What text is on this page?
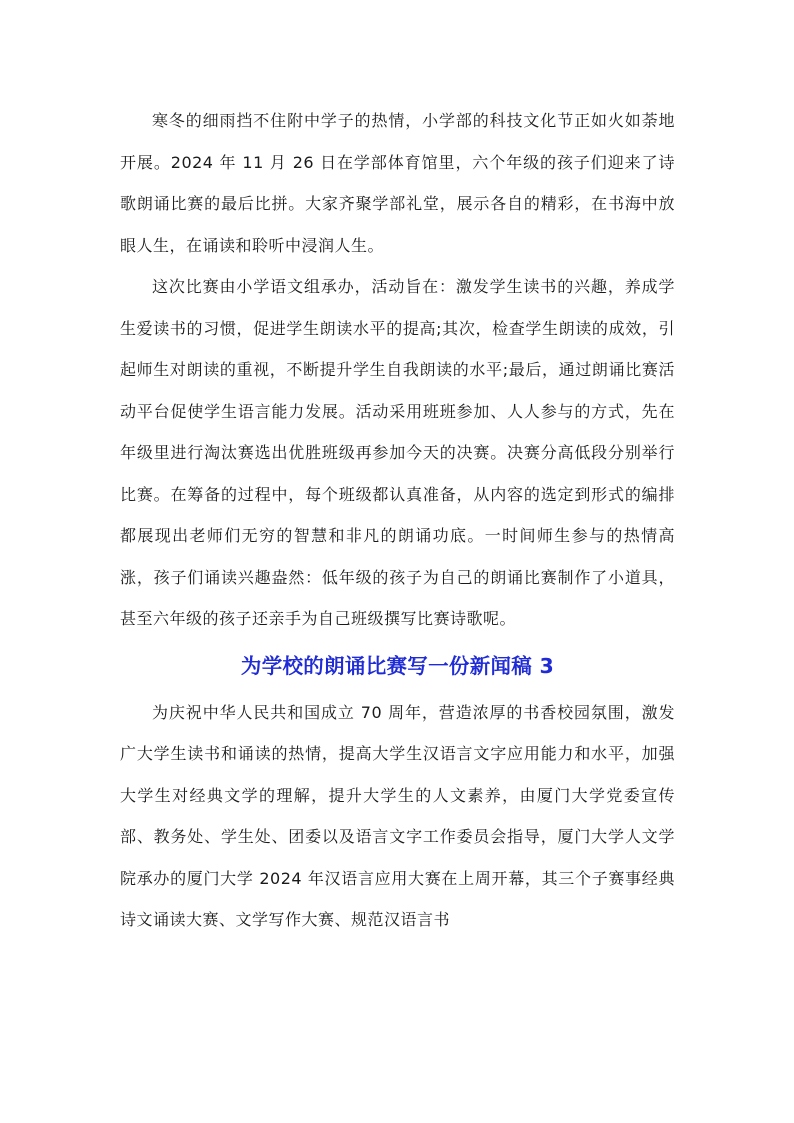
寒冬的细雨挡不住附中学子的热情，小学部的科技文化节正如火如荼地开展。2024 年 11 月 26 日在学部体育馆里，六个年级的孩子们迎来了诗歌朗诵比赛的最后比拼。大家齐聚学部礼堂，展示各自的精彩，在书海中放眼人生，在诵读和聆听中浸润人生。

这次比赛由小学语文组承办，活动旨在：激发学生读书的兴趣，养成学生爱读书的习惯，促进学生朗读水平的提高;其次，检查学生朗读的成效，引起师生对朗读的重视，不断提升学生自我朗读的水平;最后，通过朗诵比赛活动平台促使学生语言能力发展。活动采用班班参加、人人参与的方式，先在年级里进行淘汰赛选出优胜班级再参加今天的决赛。决赛分高低段分别举行比赛。在筹备的过程中，每个班级都认真准备，从内容的选定到形式的编排都展现出老师们无穷的智慧和非凡的朗诵功底。一时间师生参与的热情高涨，孩子们诵读兴趣盎然：低年级的孩子为自己的朗诵比赛制作了小道具，甚至六年级的孩子还亲手为自己班级撰写比赛诗歌呢。

为学校的朗诵比赛写一份新闻稿 3

为庆祝中华人民共和国成立 70 周年，营造浓厚的书香校园氛围，激发广大学生读书和诵读的热情，提高大学生汉语言文字应用能力和水平，加强大学生对经典文学的理解，提升大学生的人文素养，由厦门大学党委宣传部、教务处、学生处、团委以及语言文字工作委员会指导，厦门大学人文学院承办的厦门大学 2024 年汉语言应用大赛在上周开幕，其三个子赛事经典诗文诵读大赛、文学写作大赛、规范汉语言书
